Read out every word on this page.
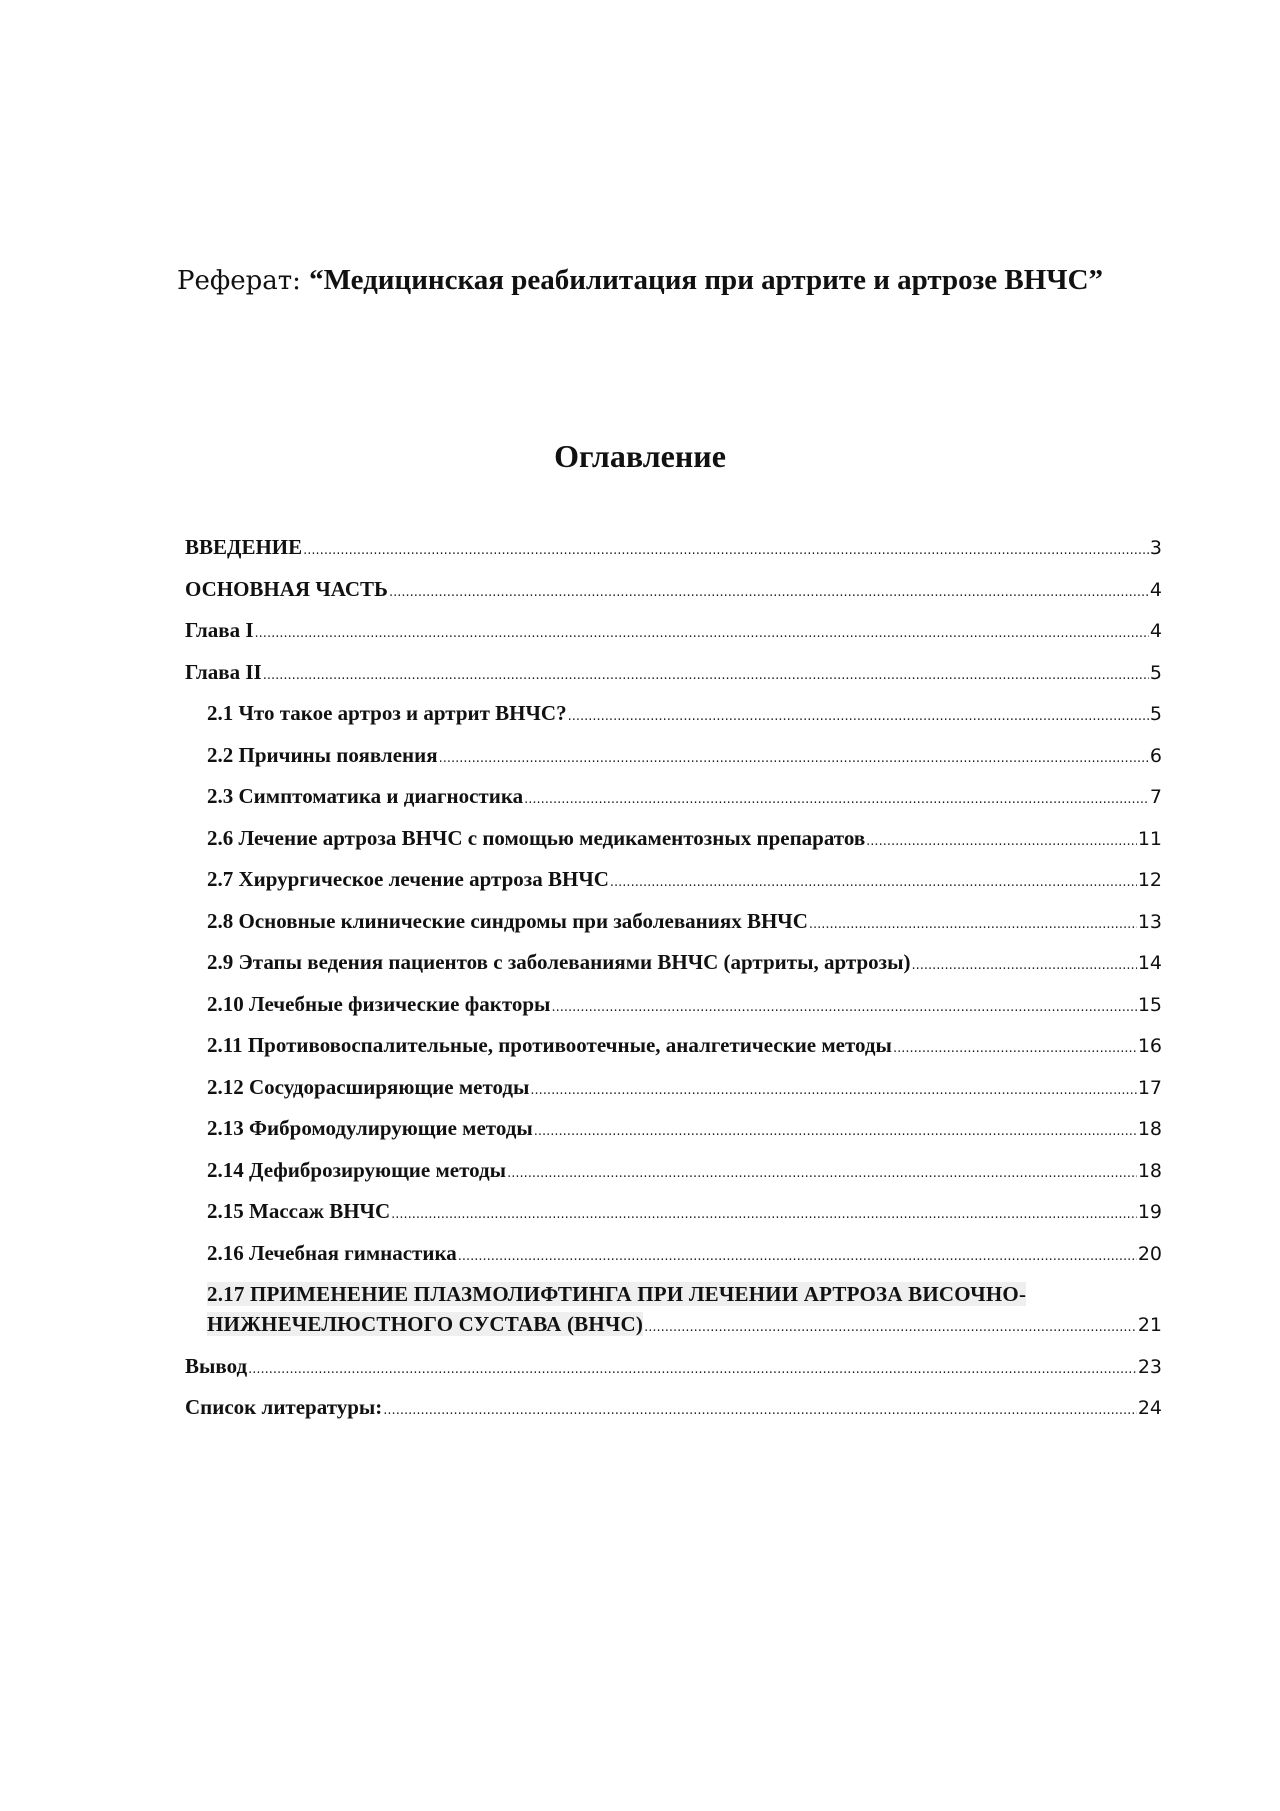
Реферат: “Медицинская реабилитация при артрите и артрозе ВНЧС”
Оглавление
ВВЕДЕНИЕ .....	3
ОСНОВНАЯ ЧАСТЬ .....	4
Глава I .....	4
Глава II .....	5
2.1 Что такое артроз и артрит ВНЧС? .....	5
2.2 Причины появления .....	6
2.3 Симптоматика и диагностика .....	7
2.6 Лечение артроза ВНЧС с помощью медикаментозных препаратов .....	11
2.7 Хирургическое лечение артроза ВНЧС .....	12
2.8 Основные клинические синдромы при заболеваниях ВНЧС .....	13
2.9 Этапы ведения пациентов с заболеваниями ВНЧС (артриты, артрозы) .....	14
2.10 Лечебные физические факторы .....	15
2.11 Противовоспалительные, противоотечные, аналгетические методы .....	16
2.12 Сосудорасширяющие методы .....	17
2.13 Фибромодулирующие методы .....	18
2.14 Дефиброзирующие методы .....	18
2.15 Массаж ВНЧС .....	19
2.16 Лечебная гимнастика .....	20
2.17 ПРИМЕНЕНИЕ ПЛАЗМОЛИФТИНГА ПРИ ЛЕЧЕНИИ АРТРОЗА ВИСОЧНО-
НИЖНЕЧЕЛЮСТНОГО СУСТАВА (ВНЧС) .....	21
Вывод .....	23
Список литературы: .....	24
